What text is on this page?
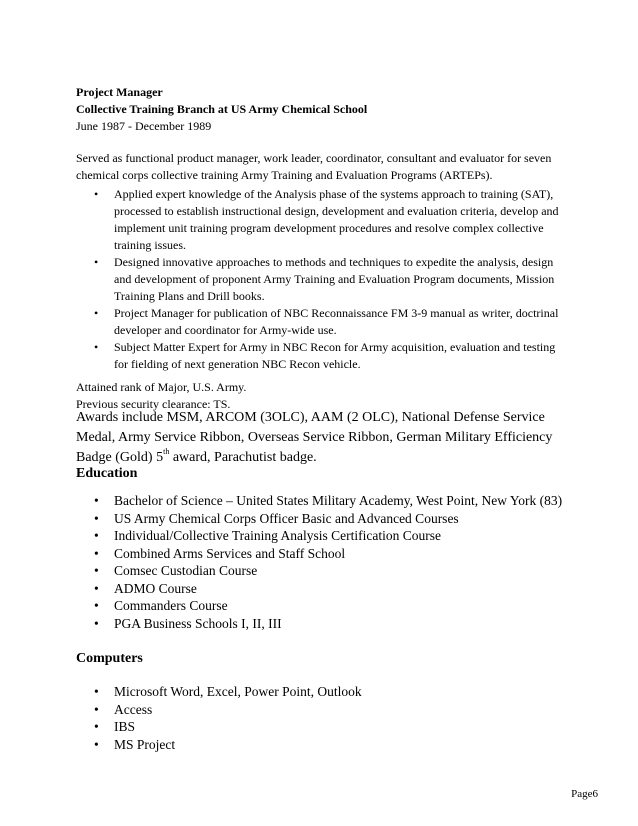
Project Manager
Collective Training Branch at US Army Chemical School
June 1987 - December 1989

Served as functional product manager, work leader, coordinator, consultant and evaluator for seven chemical corps collective training Army Training and Evaluation Programs (ARTEPs).

• Applied expert knowledge of the Analysis phase of the systems approach to training (SAT), processed to establish instructional design, development and evaluation criteria, develop and implement unit training program development procedures and resolve complex collective training issues.
• Designed innovative approaches to methods and techniques to expedite the analysis, design and development of proponent Army Training and Evaluation Program documents, Mission Training Plans and Drill books.
• Project Manager for publication of NBC Reconnaissance FM 3-9 manual as writer, doctrinal developer and coordinator for Army-wide use.
• Subject Matter Expert for Army in NBC Recon for Army acquisition, evaluation and testing for fielding of next generation NBC Recon vehicle.
Attained rank of Major, U.S. Army.
Previous security clearance: TS.

Awards include MSM, ARCOM (3OLC), AAM (2 OLC), National Defense Service Medal, Army Service Ribbon, Overseas Service Ribbon, German Military Efficiency Badge (Gold) 5th award, Parachutist badge.

Education
• Bachelor of Science – United States Military Academy, West Point, New York (83)
• US Army Chemical Corps Officer Basic and Advanced Courses
• Individual/Collective Training Analysis Certification Course
• Combined Arms Services and Staff School
• Comsec Custodian Course
• ADMO Course
• Commanders Course
• PGA Business Schools I, II, III
Computers
• Microsoft Word, Excel, Power Point, Outlook
• Access
• IBS
• MS Project
Page6
